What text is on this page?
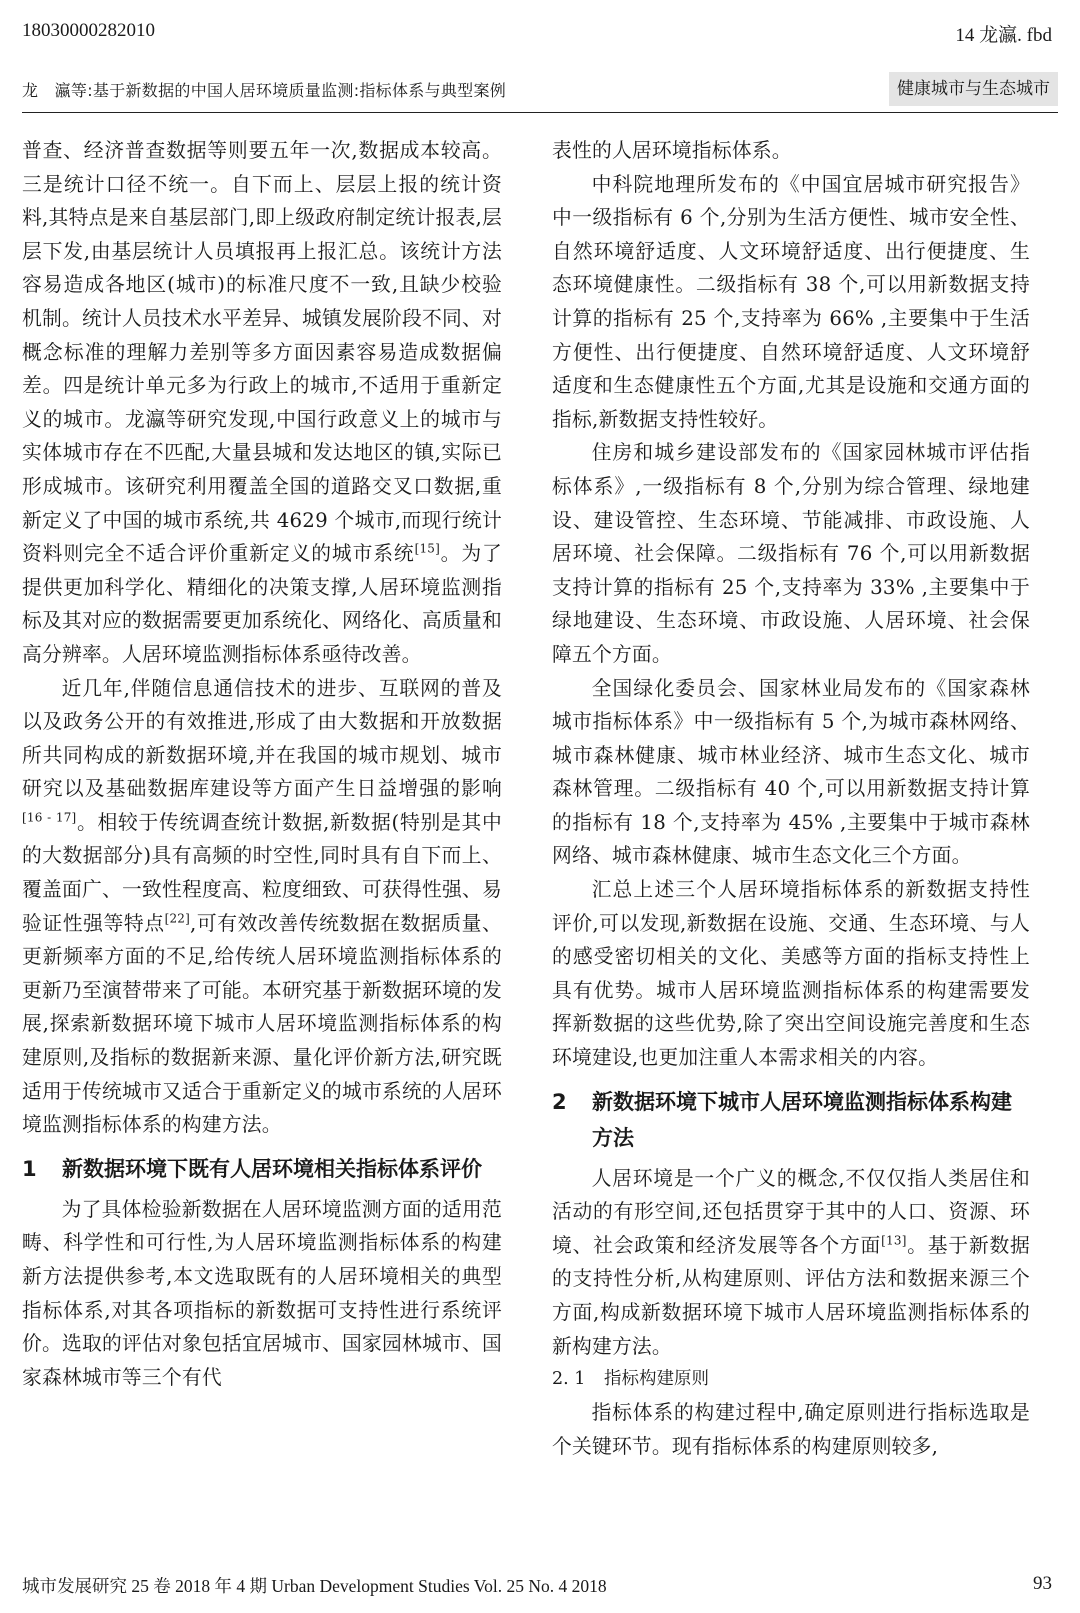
18030000282010	14 龙瀛. fbd
龙　瀛等:基于新数据的中国人居环境质量监测:指标体系与典型案例	健康城市与生态城市

普查、经济普查数据等则要五年一次,数据成本较高。三是统计口径不统一。自下而上、层层上报的统计资料,其特点是来自基层部门,即上级政府制定统计报表,层层下发,由基层统计人员填报再上报汇总。该统计方法容易造成各地区(城市)的标准尺度不一致,且缺少校验机制。统计人员技术水平差异、城镇发展阶段不同、对概念标准的理解力差别等多方面因素容易造成数据偏差。四是统计单元多为行政上的城市,不适用于重新定义的城市。龙瀛等研究发现,中国行政意义上的城市与实体城市存在不匹配,大量县城和发达地区的镇,实际已形成城市。该研究利用覆盖全国的道路交叉口数据,重新定义了中国的城市系统,共 4629 个城市,而现行统计资料则完全不适合评价重新定义的城市系统[15]。为了提供更加科学化、精细化的决策支撑,人居环境监测指标及其对应的数据需要更加系统化、网络化、高质量和高分辨率。人居环境监测指标体系亟待改善。

近几年,伴随信息通信技术的进步、互联网的普及以及政务公开的有效推进,形成了由大数据和开放数据所共同构成的新数据环境,并在我国的城市规划、城市研究以及基础数据库建设等方面产生日益增强的影响[16 - 17]。相较于传统调查统计数据,新数据(特别是其中的大数据部分)具有高频的时空性,同时具有自下而上、覆盖面广、一致性程度高、粒度细致、可获得性强、易验证性强等特点[22],可有效改善传统数据在数据质量、更新频率方面的不足,给传统人居环境监测指标体系的更新乃至演替带来了可能。本研究基于新数据环境的发展,探索新数据环境下城市人居环境监测指标体系的构建原则,及指标的数据新来源、量化评价新方法,研究既适用于传统城市又适合于重新定义的城市系统的人居环境监测指标体系的构建方法。

1 新数据环境下既有人居环境相关指标体系评价

为了具体检验新数据在人居环境监测方面的适用范畴、科学性和可行性,为人居环境监测指标体系的构建新方法提供参考,本文选取既有的人居环境相关的典型指标体系,对其各项指标的新数据可支持性进行系统评价。选取的评估对象包括宜居城市、国家园林城市、国家森林城市等三个有代

表性的人居环境指标体系。

中科院地理所发布的《中国宜居城市研究报告》中一级指标有 6 个,分别为生活方便性、城市安全性、自然环境舒适度、人文环境舒适度、出行便捷度、生态环境健康性。二级指标有 38 个,可以用新数据支持计算的指标有 25 个,支持率为 66% ,主要集中于生活方便性、出行便捷度、自然环境舒适度、人文环境舒适度和生态健康性五个方面,尤其是设施和交通方面的指标,新数据支持性较好。

住房和城乡建设部发布的《国家园林城市评估指标体系》,一级指标有 8 个,分别为综合管理、绿地建设、建设管控、生态环境、节能减排、市政设施、人居环境、社会保障。二级指标有 76 个,可以用新数据支持计算的指标有 25 个,支持率为 33% ,主要集中于绿地建设、生态环境、市政设施、人居环境、社会保障五个方面。

全国绿化委员会、国家林业局发布的《国家森林城市指标体系》中一级指标有 5 个,为城市森林网络、城市森林健康、城市林业经济、城市生态文化、城市森林管理。二级指标有 40 个,可以用新数据支持计算的指标有 18 个,支持率为 45% ,主要集中于城市森林网络、城市森林健康、城市生态文化三个方面。

汇总上述三个人居环境指标体系的新数据支持性评价,可以发现,新数据在设施、交通、生态环境、与人的感受密切相关的文化、美感等方面的指标支持性上具有优势。城市人居环境监测指标体系的构建需要发挥新数据的这些优势,除了突出空间设施完善度和生态环境建设,也更加注重人本需求相关的内容。

2 新数据环境下城市人居环境监测指标体系构建方法

人居环境是一个广义的概念,不仅仅指人类居住和活动的有形空间,还包括贯穿于其中的人口、资源、环境、社会政策和经济发展等各个方面[13]。基于新数据的支持性分析,从构建原则、评估方法和数据来源三个方面,构成新数据环境下城市人居环境监测指标体系的新构建方法。

2. 1 指标构建原则

指标体系的构建过程中,确定原则进行指标选取是个关键环节。现有指标体系的构建原则较多,

城市发展研究 25 卷 2018 年 4 期 Urban Development Studies Vol. 25 No. 4 2018	93
